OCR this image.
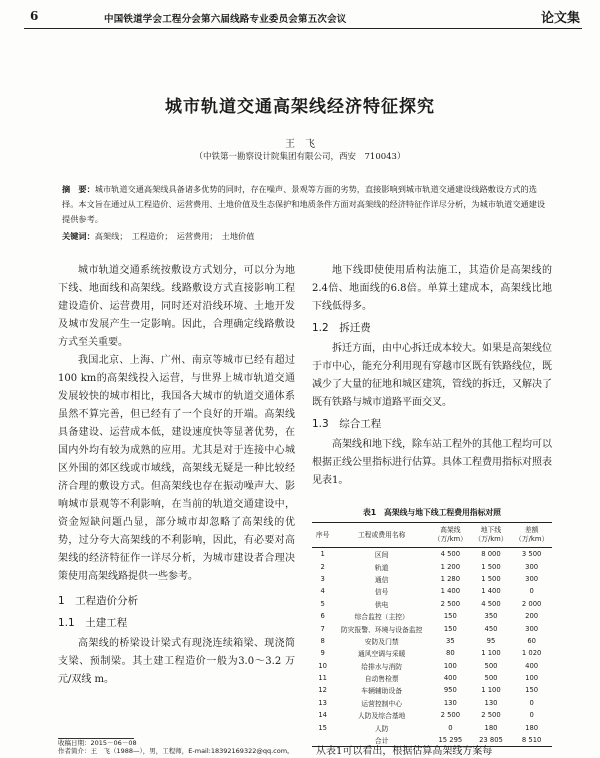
6	中国铁道学会工程分会第六届线路专业委员会第五次会议	论文集
城市轨道交通高架线经济特征探究
王　飞
（中铁第一勘察设计院集团有限公司，西安　710043）
摘　要：城市轨道交通高架线具备诸多优势的同时，存在噪声、景观等方面的劣势，直接影响到城市轨道交通建设线路敷设方式的选择。本文旨在通过从工程造价、运营费用、土地价值及生态保护和地质条件方面对高架线的经济特征作详尽分析，为城市轨道交通建设提供参考。
关键词：高架线；　工程造价；　运营费用；　土地价值

城市轨道交通系统按敷设方式划分，可以分为地下线、地面线和高架线。线路敷设方式直接影响工程建设造价、运营费用，同时还对沿线环境、土地开发及城市发展产生一定影响。因此，合理确定线路敷设方式至关重要。

我国北京、上海、广州、南京等城市已经有超过100 km的高架线投入运营，与世界上城市轨道交通发展较快的城市相比，我国各大城市的轨道交通体系虽然不算完善，但已经有了一个良好的开端。高架线具备建设、运营成本低，建设速度快等显著优势，在国内外均有较为成熟的应用。尤其是对于连接中心城区外围的郊区线或市域线，高架线无疑是一种比较经济合理的敷设方式。但高架线也存在振动噪声大、影响城市景观等不利影响，在当前的轨道交通建设中，资金短缺问题凸显，部分城市却忽略了高架线的优势，过分夸大高架线的不利影响，因此，有必要对高架线的经济特征作一详尽分析，为城市建设者合理决策使用高架线路提供一些参考。

1　工程造价分析
1.1　土建工程

高架线的桥梁设计梁式有现浇连续箱梁、现浇简支梁、预制梁。其土建工程造价一般为3.0～3.2 万元/双线 m。

地下线即使使用盾构法施工，其造价是高架线的2.4倍、地面线的6.8倍。单算土建成本，高架线比地下线低得多。

1.2　拆迁费

拆迁方面，由中心拆迁成本较大。如果是高架线位于市中心，能充分利用现有穿越市区既有铁路线位，既减少了大量的征地和城区建筑，管线的拆迁，又解决了既有铁路与城市道路平面交叉。

1.3　综合工程

高架线和地下线，除车站工程外的其他工程均可以根据正线公里指标进行估算。具体工程费用指标对照表见表1。

表1　高架线与地下线工程费用指标对照
序号	工程或费用名称	高架线（万/km）	地下线（万/km）	差额（万/km）
1	区间	4 500	8 000	3 500
2	轨道	1 200	1 500	300
3	通信	1 280	1 500	300
4	信号	1 400	1 400	0
5	供电	2 500	4 500	2 000
6	综合监控（主控）	150	350	200
7	防灾报警、环境与设备监控	150	450	300
8	安防及门禁	35	95	60
9	通风空调与采暖	80	1 100	1 020
10	给排水与消防	100	500	400
11	自动售检票	400	500	100
12	车辆辅助设备	950	1 100	150
13	运营控制中心	130	130	0
14	人防及综合基地	2 500	2 500	0
15	人防	0	180	180
	合计	15 295	23 805	8 510
收稿日期：2015－06－08
作者简介：王　飞（1988—），男，工程师，E-mail:18392169322@qq.com。 从表1可以看出，根据估算高架线方案每
